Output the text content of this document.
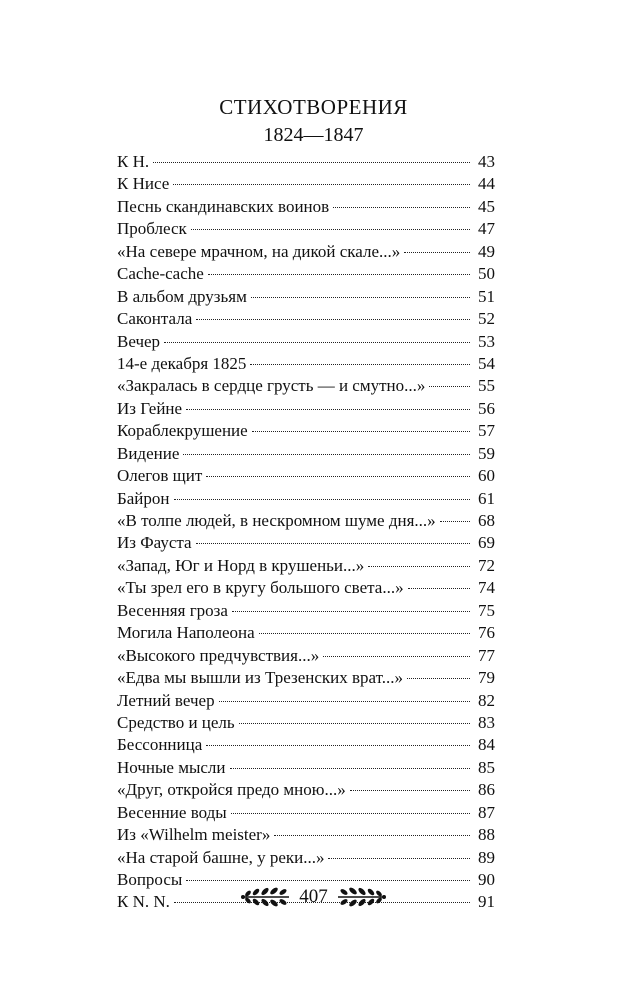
СТИХОТВОРЕНИЯ
1824—1847
К Н.	43
К Нисе	44
Песнь скандинавских воинов	45
Проблеск	47
«На севере мрачном, на дикой скале...»	49
Cache-cache	50
В альбом друзьям	51
Саконтала	52
Вечер	53
14-е декабря 1825	54
«Закралась в сердце грусть — и смутно...»	55
Из Гейне	56
Кораблекрушение	57
Видение	59
Олегов щит	60
Байрон	61
«В толпе людей, в нескромном шуме дня...» 68
Из Фауста	69
«Запад, Юг и Норд в крушеньи...»	72
«Ты зрел его в кругу большого света...»	74
Весенняя гроза	75
Могила Наполеона	76
«Высокого предчувствия...»	77
«Едва мы вышли из Трезенских врат...»	79
Летний вечер	82
Средство и цель	83
Бессонница	84
Ночные мысли	85
«Друг, откройся предо мною...»	86
Весенние воды	87
Из «Wilhelm meister»	88
«На старой башне, у реки...»	89
Вопросы	90
К N. N.	91
407
